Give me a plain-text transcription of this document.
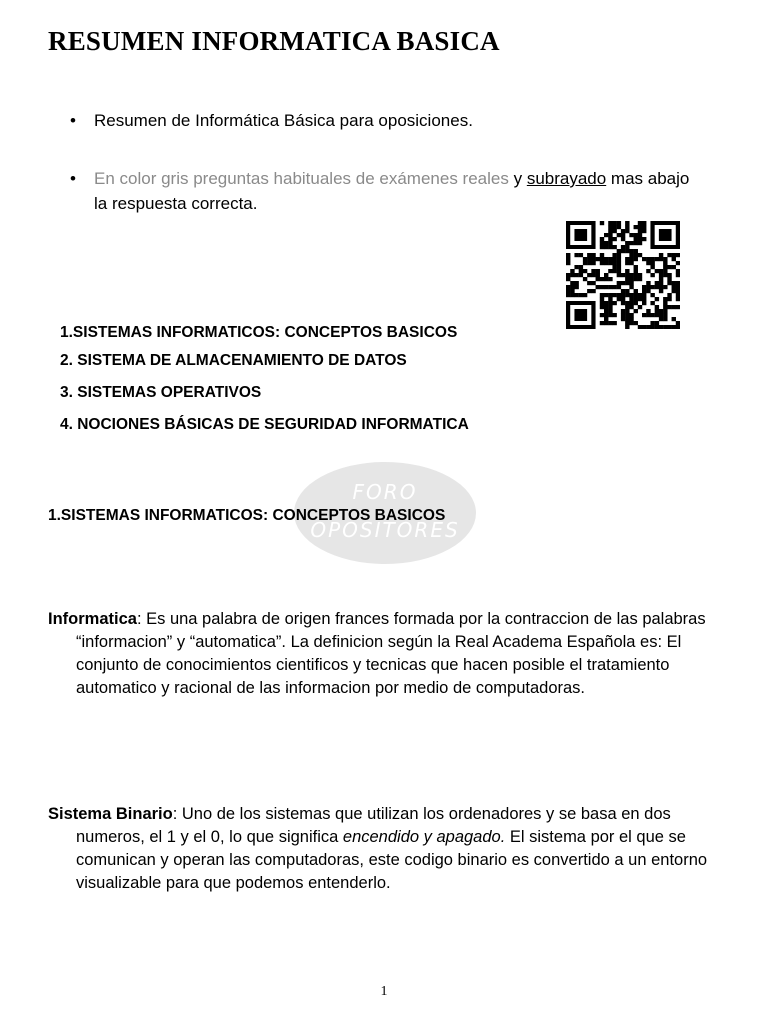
RESUMEN INFORMATICA BASICA
• Resumen de Informática Básica para oposiciones.
• En color gris preguntas habituales de exámenes reales y subrayado mas abajo la respuesta correcta.
1.SISTEMAS INFORMATICOS: CONCEPTOS BASICOS
2. SISTEMA DE ALMACENAMIENTO DE DATOS
3. SISTEMAS OPERATIVOS
4. NOCIONES BÁSICAS DE SEGURIDAD INFORMATICA
FORO
OPOSITORES
1.SISTEMAS INFORMATICOS: CONCEPTOS BASICOS
Informatica: Es una palabra de origen frances formada por la contraccion de las palabras “informacion” y “automatica”. La definicion según la Real Academa Española es: El conjunto de conocimientos cientificos y tecnicas que hacen posible el tratamiento automatico y racional de las informacion por medio de computadoras.
Sistema Binario: Uno de los sistemas que utilizan los ordenadores y se basa en dos numeros, el 1 y el 0, lo que significa encendido y apagado. El sistema por el que se comunican y operan las computadoras, este codigo binario es convertido a un entorno visualizable para que podemos entenderlo.
1
